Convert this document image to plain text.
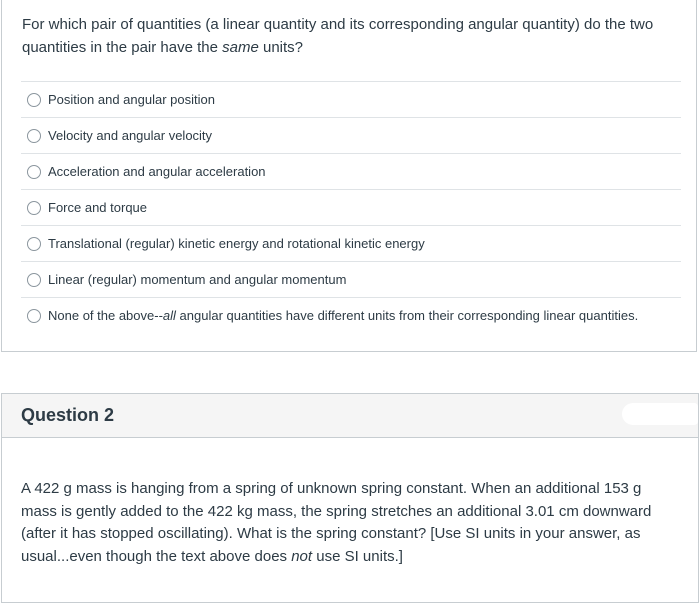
For which pair of quantities (a linear quantity and its corresponding angular quantity) do the two quantities in the pair have the same units?
Position and angular position
Velocity and angular velocity
Acceleration and angular acceleration
Force and torque
Translational (regular) kinetic energy and rotational kinetic energy
Linear (regular) momentum and angular momentum
None of the above--all angular quantities have different units from their corresponding linear quantities.
Question 2
A 422 g mass is hanging from a spring of unknown spring constant. When an additional 153 g mass is gently added to the 422 kg mass, the spring stretches an additional 3.01 cm downward (after it has stopped oscillating). What is the spring constant? [Use SI units in your answer, as usual...even though the text above does not use SI units.]
